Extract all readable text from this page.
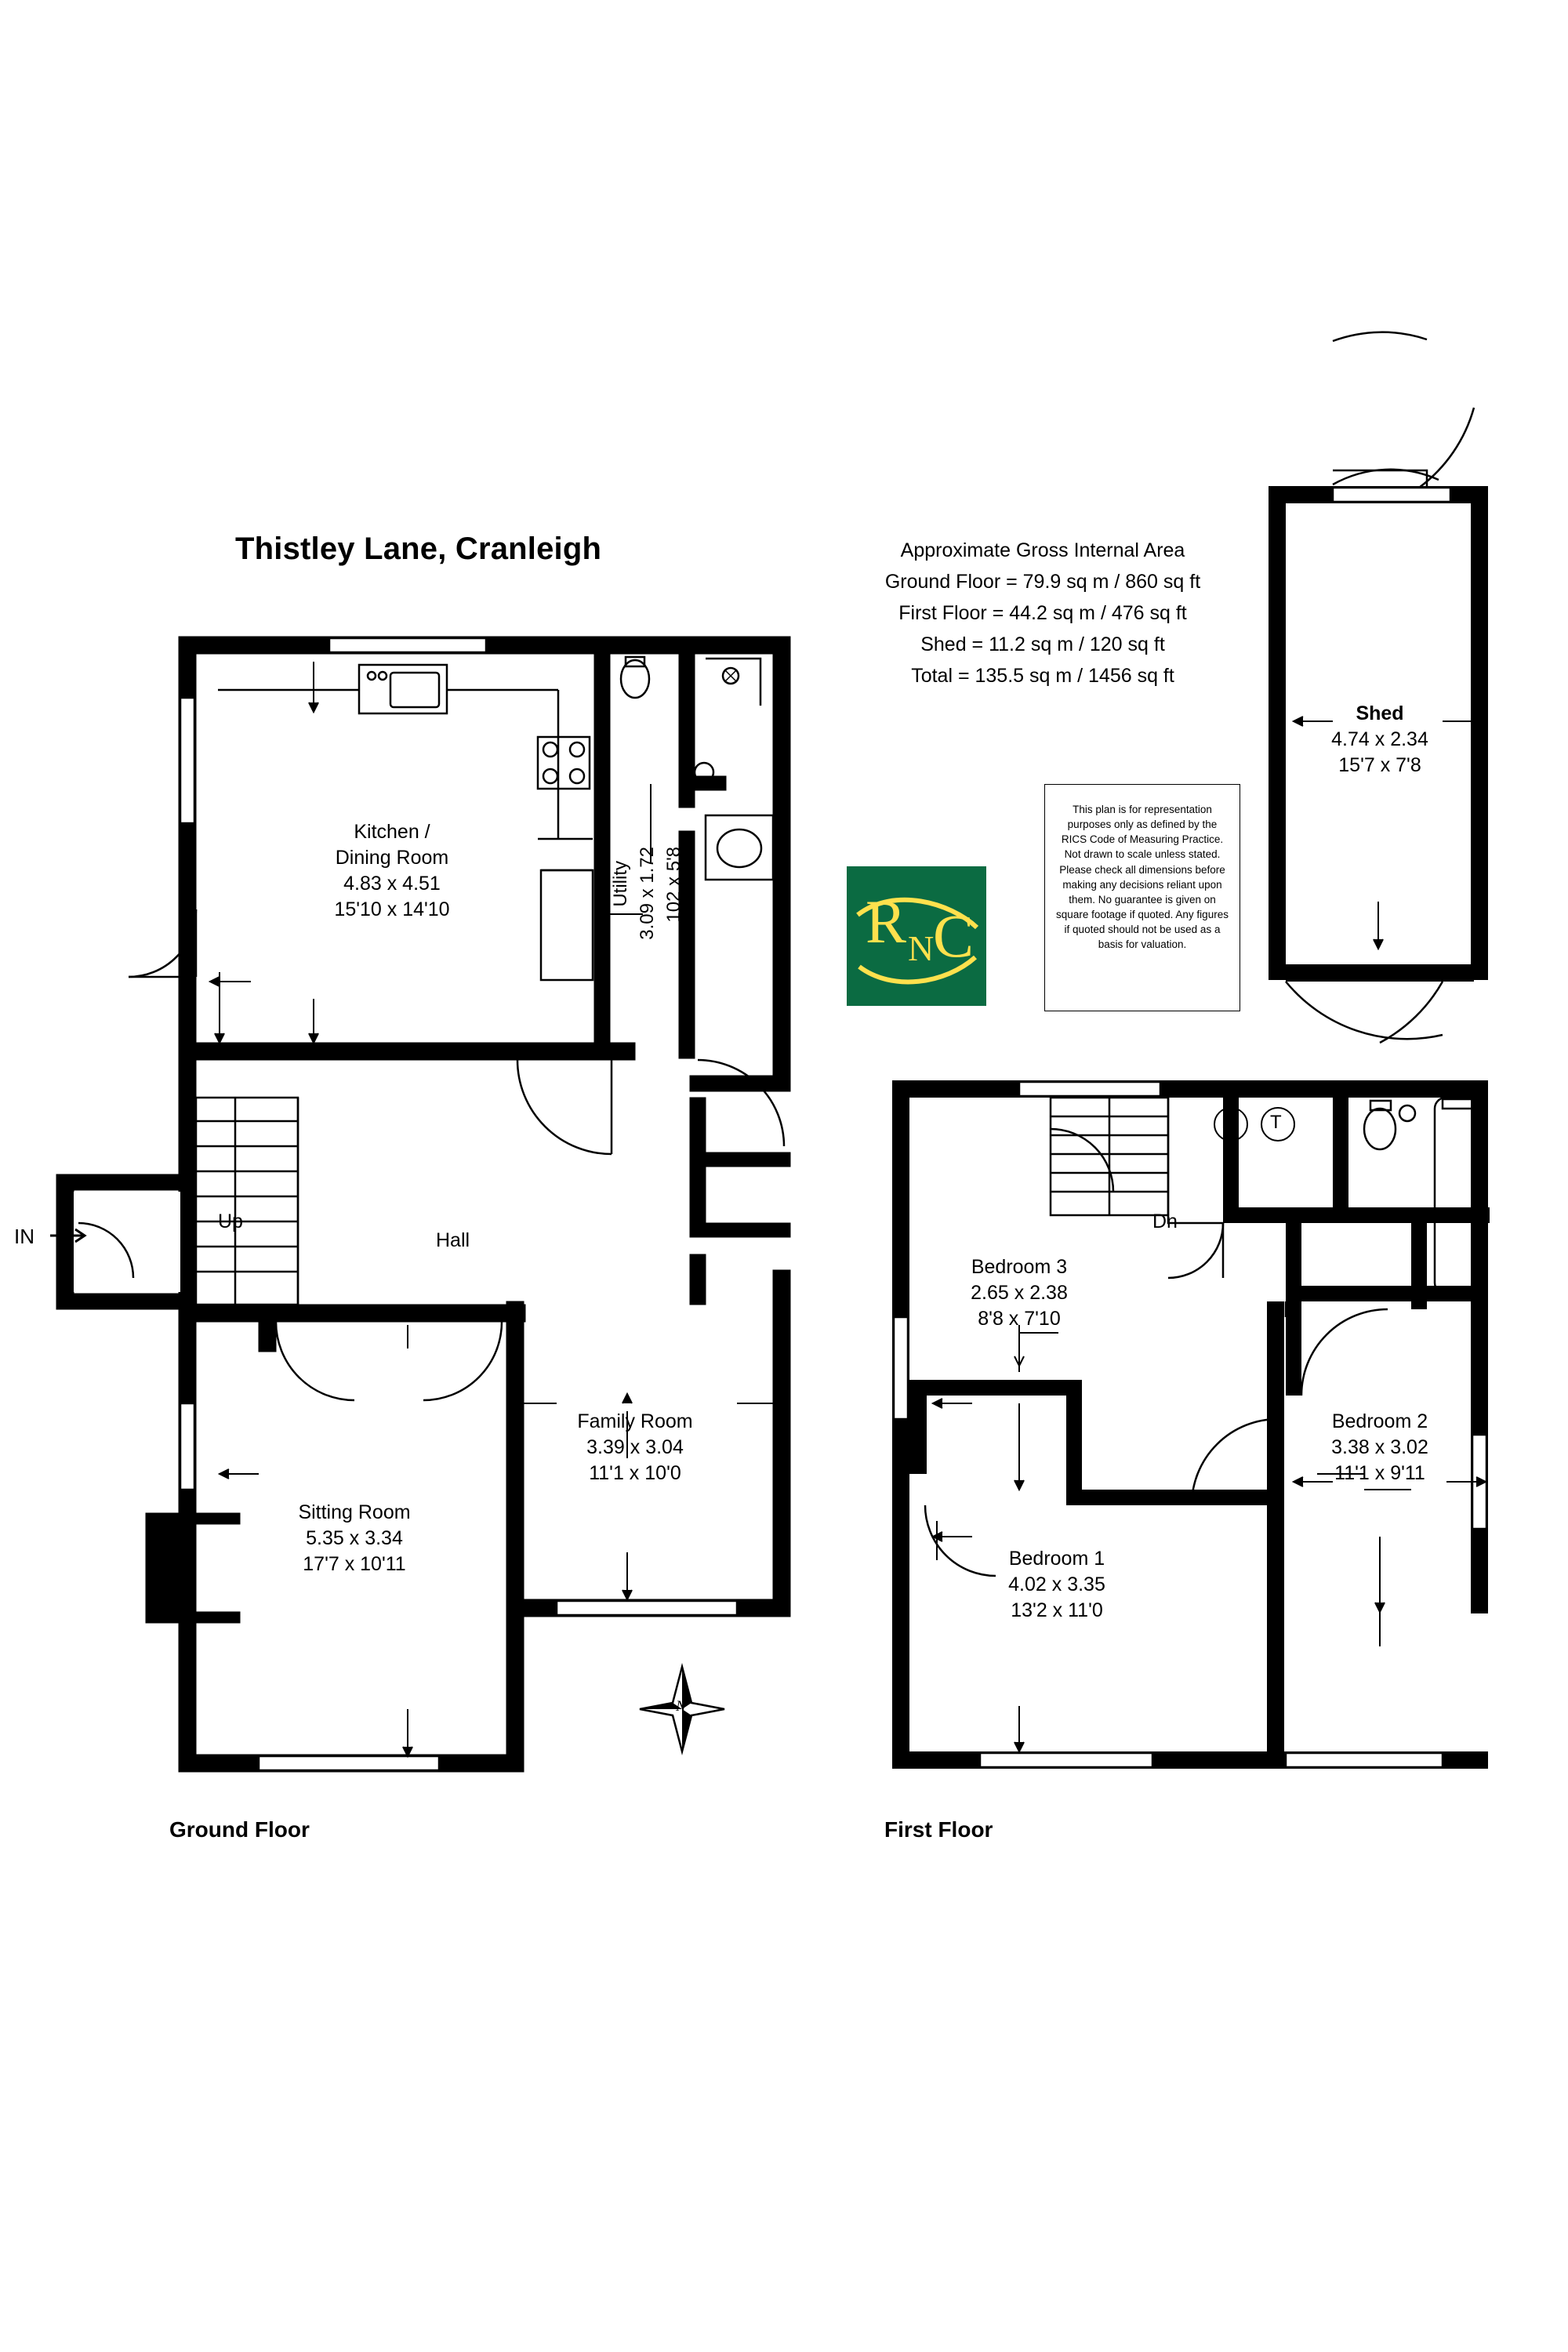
Thistley Lane, Cranleigh	Approximate Gross Internal Area
Ground Floor = 79.9 sq m / 860 sq ft
First Floor = 44.2 sq m / 476 sq ft
Shed = 11.2 sq m / 120 sq ft
Total = 135.5 sq m / 1456 sq ft
R N
C
This plan is for representation purposes only as defined by the RICS Code of Measuring Practice. Not drawn to scale unless stated. Please check all dimensions before making any decisions reliant upon them. No guarantee is given on square footage if quoted. Any figures if quoted should not be used as a basis for valuation.
Kitchen /
Dining Room
4.83 x 4.51
15'10 x 14'10
Utility 3.09 x 1.72 102 x 5'8
Hall
Sitting Room
5.35 x 3.34
17'7 x 10'11
Family Room
3.39 x 3.04
11'1 x 10'0
Up
IN
Bedroom 3
2.65 x 2.38
8'8 x 7'10
Bedroom 1
4.02 x 3.35
13'2 x 11'0
Bedroom 2
3.38 x 3.02
11'1 x 9'11
Dn
B T
Shed
4.74 x 2.34
15'7 x 7'8
N
Ground Floor	First Floor
